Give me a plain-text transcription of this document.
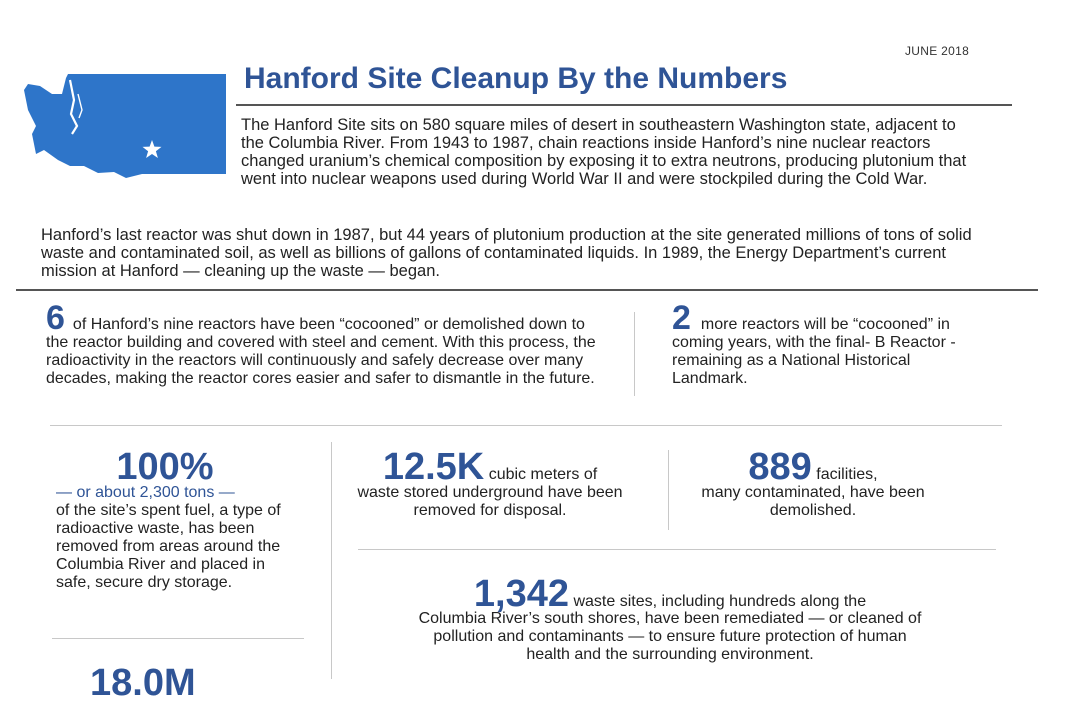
JUNE 2018
Hanford Site Cleanup By the Numbers
The Hanford Site sits on 580 square miles of desert in southeastern Washington state, adjacent to the Columbia River. From 1943 to 1987, chain reactions inside Hanford’s nine nuclear reactors changed uranium’s chemical composition by exposing it to extra neutrons, producing plutonium that went into nuclear weapons used during World War II and were stockpiled during the Cold War.
Hanford’s last reactor was shut down in 1987, but 44 years of plutonium production at the site generated millions of tons of solid waste and contaminated soil, as well as billions of gallons of contaminated liquids. In 1989, the Energy Department’s current mission at Hanford — cleaning up the waste — began.
6 of Hanford’s nine reactors have been “cocooned” or demolished down to the reactor building and covered with steel and cement. With this process, the radioactivity in the reactors will continuously and safely decrease over many decades, making the reactor cores easier and safer to dismantle in the future.
2 more reactors will be “cocooned” in coming years, with the final- B Reactor - remaining as a National Historical Landmark.
100%
— or about 2,300 tons —
of the site’s spent fuel, a type of radioactive waste, has been removed from areas around the Columbia River and placed in safe, secure dry storage.
12.5K cubic meters of
waste stored underground have been removed for disposal.
889 facilities,
many contaminated, have been demolished.
1,342 waste sites, including hundreds along the
Columbia River’s south shores, have been remediated — or cleaned of pollution and contaminants — to ensure future protection of human health and the surrounding environment.
18.0M
